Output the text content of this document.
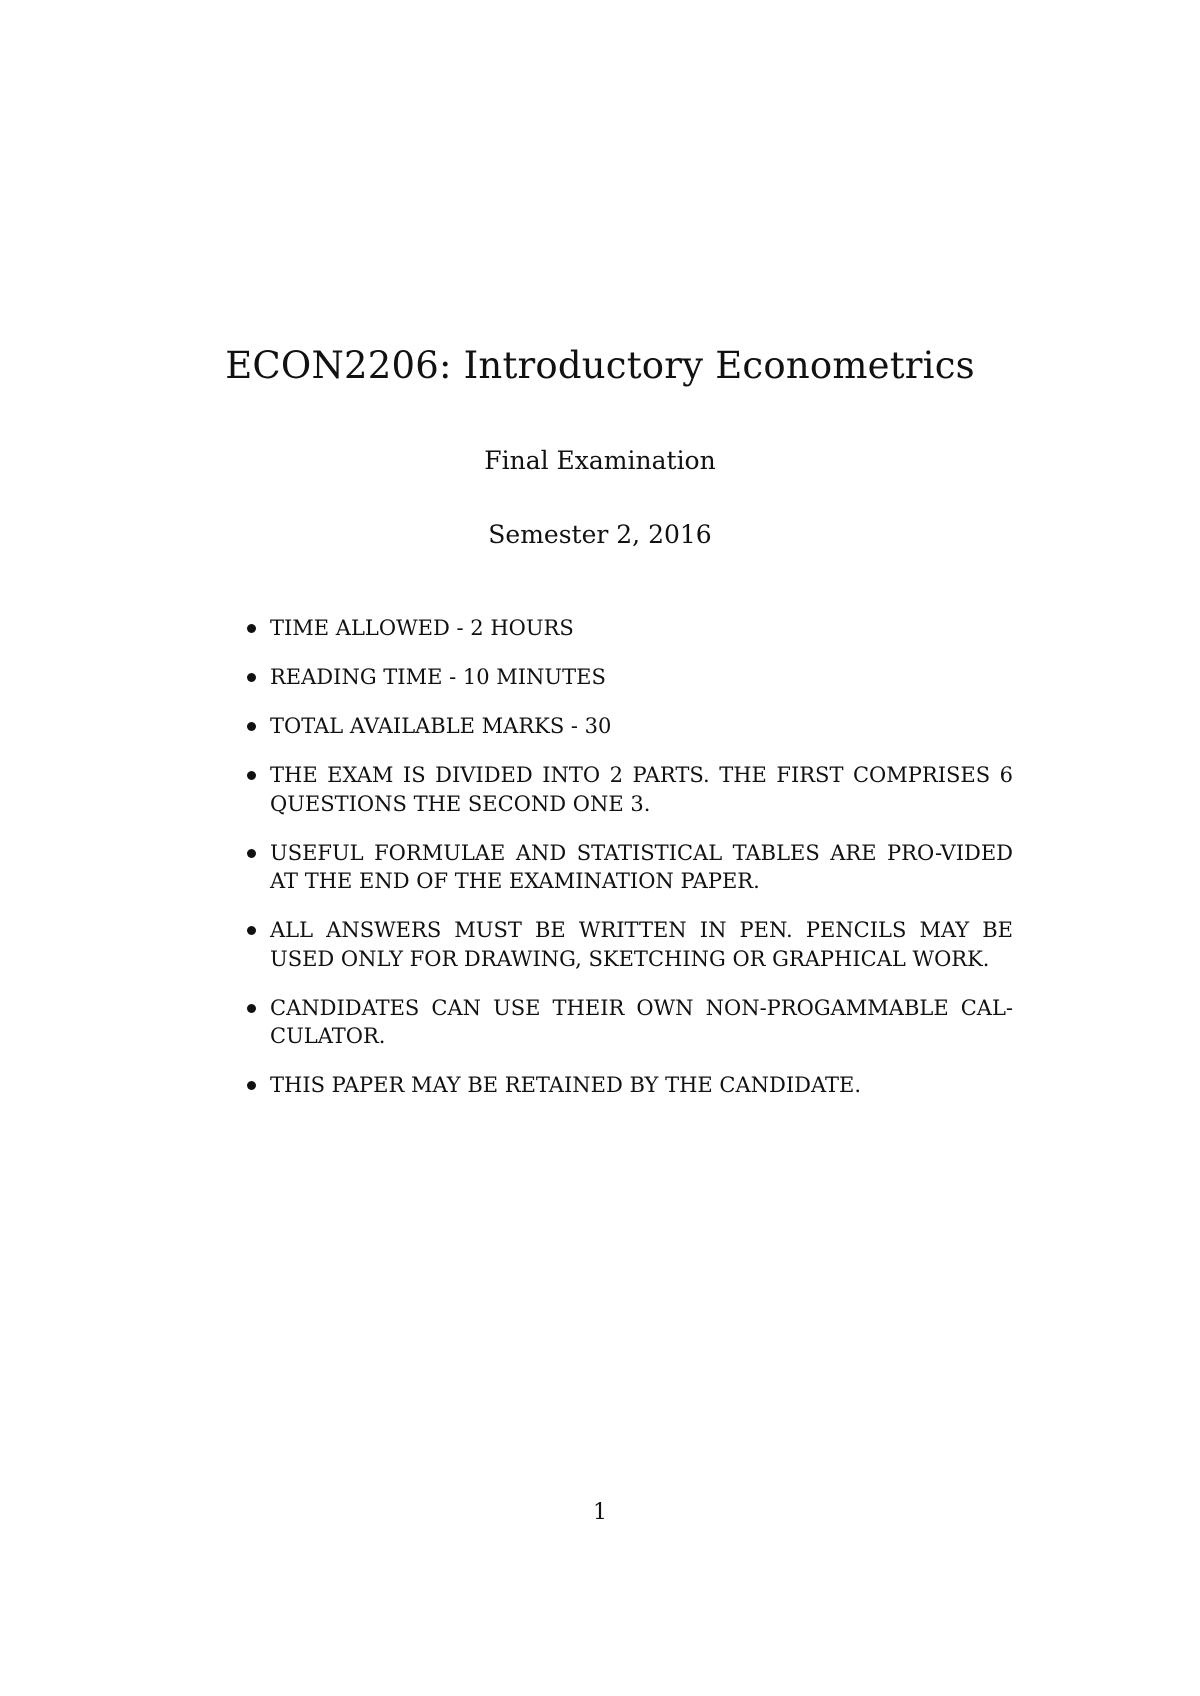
ECON2206: Introductory Econometrics

Final Examination

Semester 2, 2016

TIME ALLOWED - 2 HOURS
READING TIME - 10 MINUTES
TOTAL AVAILABLE MARKS - 30
THE EXAM IS DIVIDED INTO 2 PARTS. THE FIRST COMPRISES 6 QUESTIONS THE SECOND ONE 3.
USEFUL FORMULAE AND STATISTICAL TABLES ARE PRO-VIDED AT THE END OF THE EXAMINATION PAPER.
ALL ANSWERS MUST BE WRITTEN IN PEN. PENCILS MAY BE USED ONLY FOR DRAWING, SKETCHING OR GRAPHICAL WORK.
CANDIDATES CAN USE THEIR OWN NON-PROGAMMABLE CAL-CULATOR.
THIS PAPER MAY BE RETAINED BY THE CANDIDATE.

1
